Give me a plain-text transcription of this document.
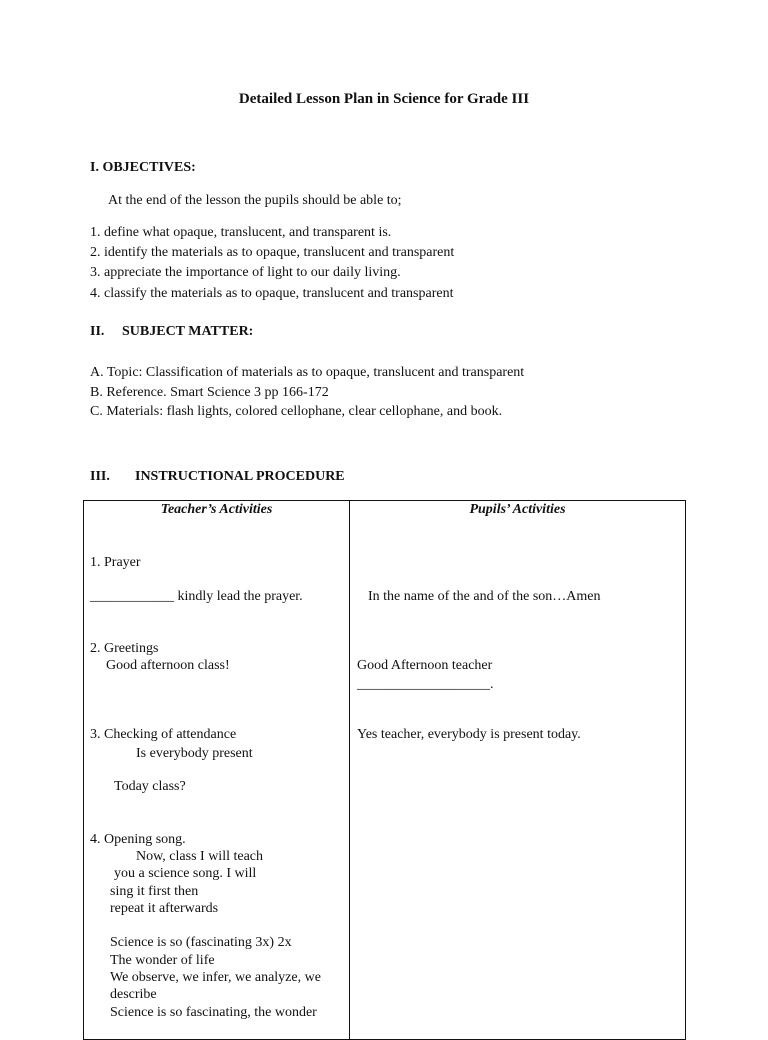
Detailed Lesson Plan in Science for Grade III
I. OBJECTIVES:
At the end of the lesson the pupils should be able to;
1. define what opaque, translucent, and transparent is.
2. identify the materials as to opaque, translucent and transparent
3. appreciate the importance of light to our daily living.
4. classify the materials as to opaque, translucent and transparent
II. SUBJECT MATTER:
A. Topic: Classification of materials as to opaque, translucent and transparent
B. Reference. Smart Science 3 pp 166-172
C. Materials: flash lights, colored cellophane, clear cellophane, and book.
III. INSTRUCTIONAL PROCEDURE
Teacher’s Activities	Pupils’ Activities
1. Prayer
____________ kindly lead the prayer.
2. Greetings
Good afternoon class!
3. Checking of attendance
Is everybody present
Today class?
4. Opening song.
Now, class I will teach
you a science song. I will
sing it first then
repeat it afterwards
Science is so (fascinating 3x) 2x
The wonder of life
We observe, we infer, we analyze, we
describe
Science is so fascinating, the wonder
In the name of the and of the son…Amen
Good Afternoon teacher
___________________.
Yes teacher, everybody is present today.
